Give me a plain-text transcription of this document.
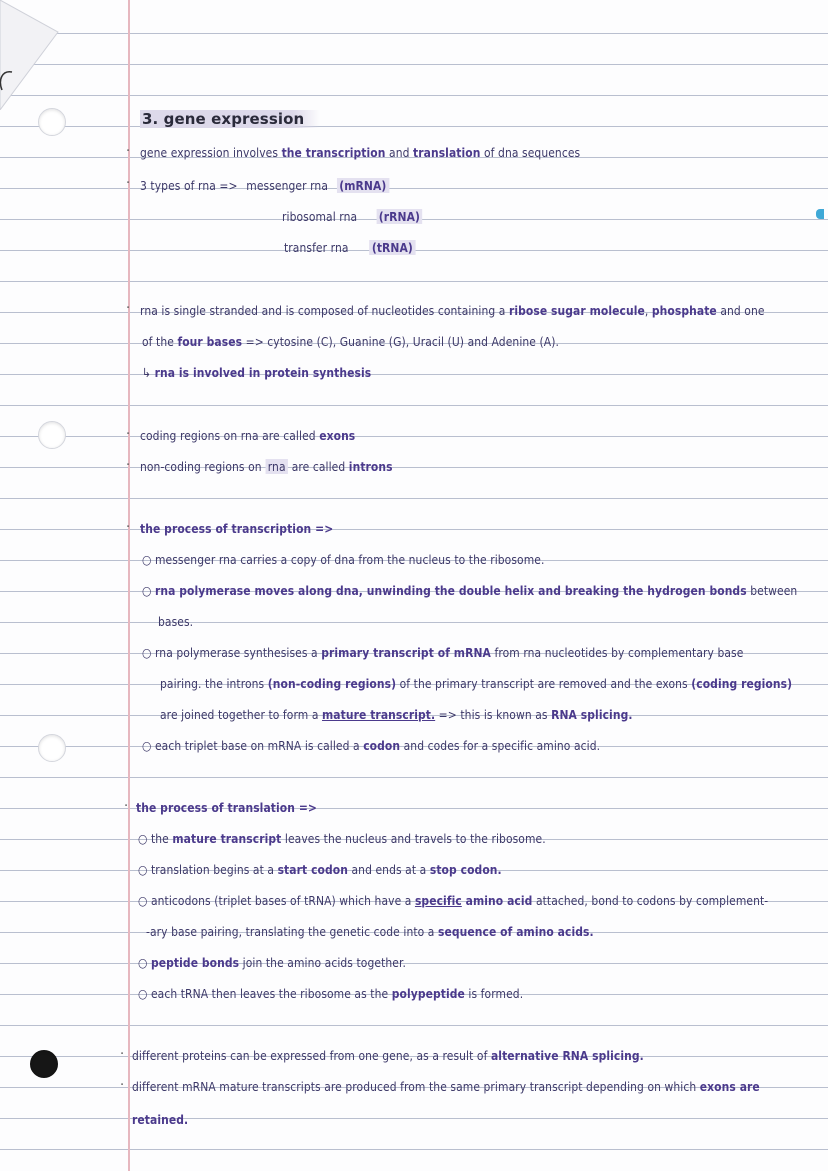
3. gene expression
· gene expression involves the transcription and translation of dna sequences
· 3 types of rna => messenger rna (mRNA)
ribosomal rna (rRNA)
transfer rna (tRNA)
· rna is single stranded and is composed of nucleotides containing a ribose sugar molecule, phosphate and one
of the four bases => cytosine (C), Guanine (G), Uracil (U) and Adenine (A).
↳ rna is involved in protein synthesis
· coding regions on rna are called exons
· non-coding regions on rna are called introns
· the process of transcription =>
○ messenger rna carries a copy of dna from the nucleus to the ribosome.
○ rna polymerase moves along dna, unwinding the double helix and breaking the hydrogen bonds between
bases.
○ rna polymerase synthesises a primary transcript of mRNA from rna nucleotides by complementary base
pairing. the introns (non-coding regions) of the primary transcript are removed and the exons (coding regions)
are joined together to form a mature transcript. => this is known as RNA splicing.
○ each triplet base on mRNA is called a codon and codes for a specific amino acid.
· the process of translation =>
○ the mature transcript leaves the nucleus and travels to the ribosome.
○ translation begins at a start codon and ends at a stop codon.
○ anticodons (triplet bases of tRNA) which have a specific amino acid attached, bond to codons by complement-
-ary base pairing, translating the genetic code into a sequence of amino acids.
○ peptide bonds join the amino acids together.
○ each tRNA then leaves the ribosome as the polypeptide is formed.
· different proteins can be expressed from one gene, as a result of alternative RNA splicing.
· different mRNA mature transcripts are produced from the same primary transcript depending on which exons are
retained.
